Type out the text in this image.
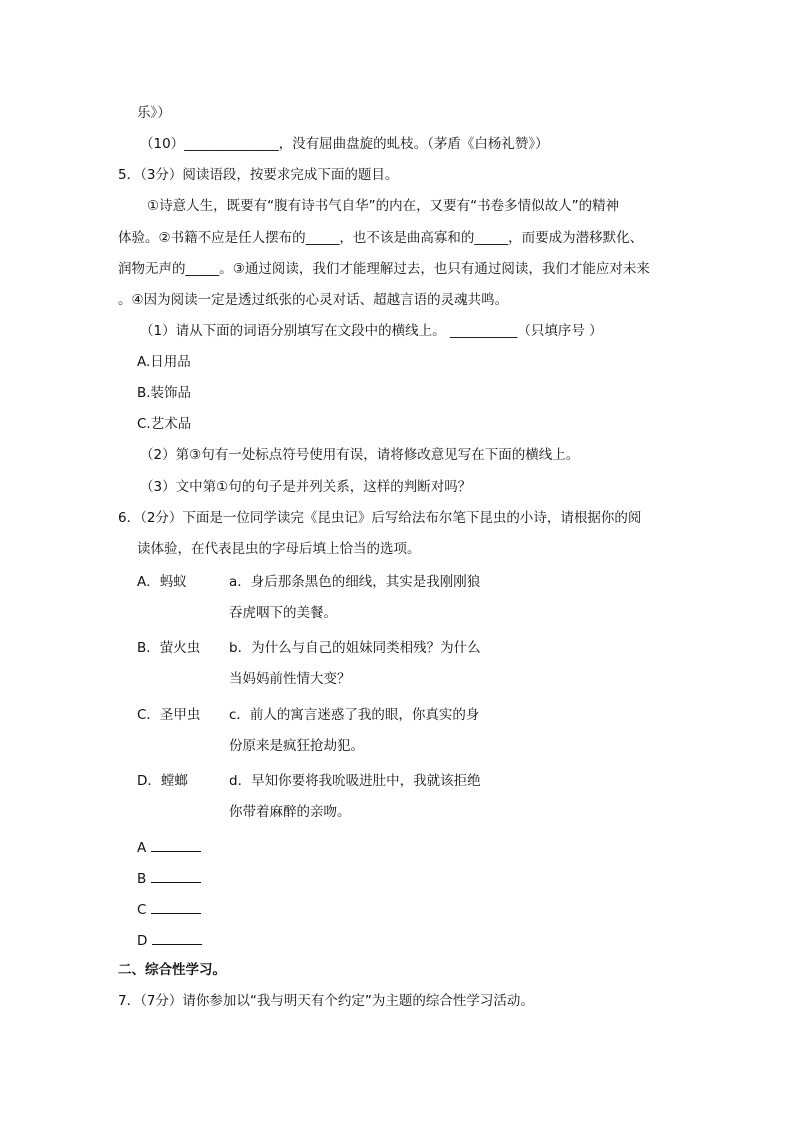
乐》）
（10）______________，没有屈曲盘旋的虬枝。（茅盾《白杨礼赞》）
5．（3分）阅读语段，按要求完成下面的题目。
①诗意人生，既要有“腹有诗书气自华”的内在，又要有“书卷多情似故人”的精神
体验。②书籍不应是任人摆布的_____，也不该是曲高寡和的_____，而要成为潜移默化、
润物无声的_____。③通过阅读，我们才能理解过去，也只有通过阅读，我们才能应对未来
。④因为阅读一定是透过纸张的心灵对话、超越言语的灵魂共鸣。
（1）请从下面的词语分别填写在文段中的横线上。 __________（只填序号 ）
A.日用品
B.装饰品
C.艺术品
（2）第③句有一处标点符号使用有误，请将修改意见写在下面的横线上。
（3）文中第①句的句子是并列关系，这样的判断对吗？
6．（2分）下面是一位同学读完《昆虫记》后写给法布尔笔下昆虫的小诗，请根据你的阅
读体验，在代表昆虫的字母后填上恰当的选项。
A．蚂蚁	a．身后那条黑色的细线，其实是我刚刚狼
吞虎咽下的美餐。
B．萤火虫 b．为什么与自己的姐妹同类相残？为什么
当妈妈前性情大变？
C．圣甲虫 c．前人的寓言迷惑了我的眼，你真实的身
份原来是疯狂抢劫犯。
D．螳螂	d．早知你要将我吮吸进肚中，我就该拒绝
你带着麻醉的亲吻。
A
B
C
D
二、综合性学习。
7．（7分）请你参加以“我与明天有个约定”为主题的综合性学习活动。
